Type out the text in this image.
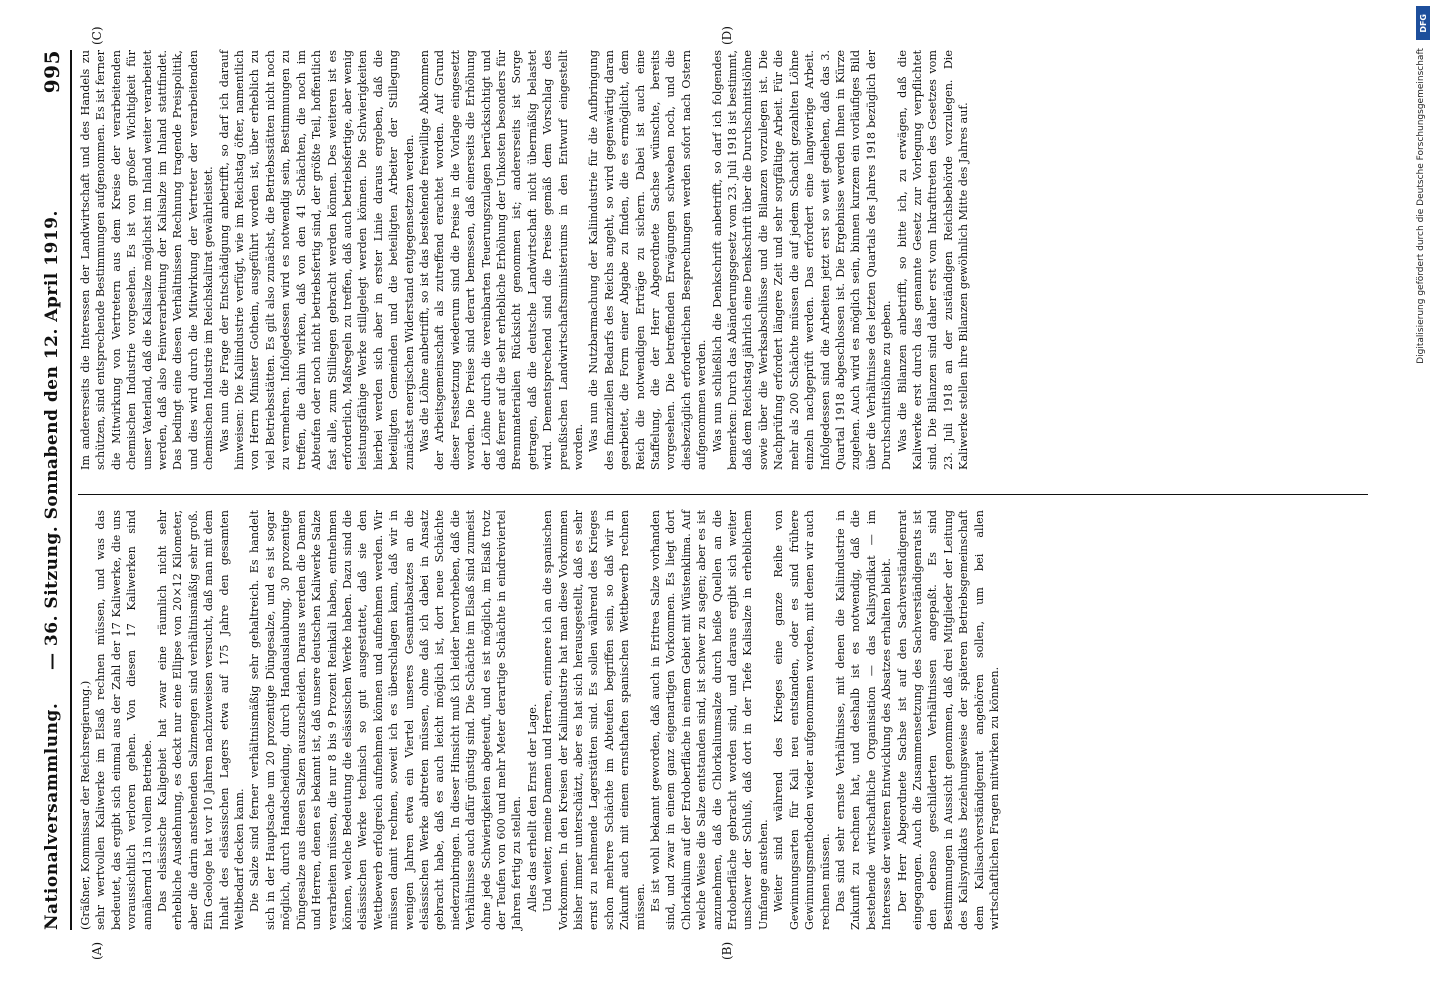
Nationalversammlung.
— 36. Sitzung. Sonnabend den 12. April 1919.
995

(Gräßner, Kommissar der Reichsregierung.) sehr wertvollen Kaliwerke im Elsaß rechnen müssen, und was das bedeutet, das ergibt sich einmal aus der Zahl der 17 Kaliwerke, die uns voraussichtlich verloren gehen. Von diesen 17 Kaliwerken sind annähernd 13 in vollem Betriebe. Das elsässische Kaligebiet hat zwar eine räumlich nicht sehr erhebliche Ausdehnung, es deckt nur eine Ellipse von 20×12 Kilometer, aber die darin anstehenden Salzmengen sind verhältnismäßig sehr groß. Ein Geologe hat vor 10 Jahren nachzuweisen versucht, daß man mit dem Inhalt des elsässischen Lagers etwa auf 175 Jahre den gesamten Weltbedarf decken kann. Die Salze sind ferner verhältnismäßig sehr gehaltreich. Es handelt sich in der Hauptsache um 20 prozentige Düngesalze, und es ist sogar möglich, durch Handscheidung, durch Handauslaubung, 30 prozentige Düngesalze aus diesen Salzen auszuscheiden. Daraus werden die Damen und Herren, denen es bekannt ist, daß unsere deutschen Kaliwerke Salze verarbeiten müssen, die nur 8 bis 9 Prozent Reinkali haben, entnehmen können, welche Bedeutung die elsässischen Werke haben. Dazu sind die elsässischen Werke technisch so gut ausgestattet, daß sie den Wettbewerb erfolgreich aufnehmen können und aufnehmen werden. Wir müssen damit rechnen, soweit ich es überschlagen kann, daß wir in wenigen Jahren etwa ein Viertel unseres Gesamtabsatzes an die elsässischen Werke abtreten müssen, ohne daß ich dabei in Ansatz gebracht habe, daß es auch leicht möglich ist, dort neue Schächte niederzubringen. In dieser Hinsicht muß ich leider hervorheben, daß die Verhältnisse auch dafür günstig sind. Die Schächte im Elsaß sind zumeist ohne jede Schwierigkeiten abgeteuft, und es ist möglich, im Elsaß trotz der Teufen von 600 und mehr Meter derartige Schächte in eindreiviertel Jahren fertig zu stellen. Alles das erhellt den Ernst der Lage. Und weiter, meine Damen und Herren, erinnere ich an die spanischen Vorkommen. In den Kreisen der Kaliindustrie hat man diese Vorkommen bisher immer unterschätzt, aber es hat sich herausgestellt, daß es sehr ernst zu nehmende Lagerstätten sind. Es sollen während des Krieges schon mehrere Schächte im Abteufen begriffen sein, so daß wir in Zukunft auch mit einem ernsthaften spanischen Wettbewerb rechnen müssen. Es ist wohl bekannt geworden, daß auch in Eritrea Salze vorhanden sind, und zwar in einem ganz eigenartigen Vorkommen. Es liegt dort Chlorkalium auf der Erdoberfläche in einem Gebiet mit Wüstenklima. Auf welche Weise die Salze entstanden sind, ist schwer zu sagen; aber es ist anzunehmen, daß die Chlorkaliumsalze durch heiße Quellen an die Erdoberfläche gebracht worden sind, und daraus ergibt sich weiter unschwer der Schluß, daß dort in der Tiefe Kalisalze in erheblichem Umfange anstehen. Weiter sind während des Krieges eine ganze Reihe von Gewinnungsarten für Kali neu entstanden, oder es sind frühere Gewinnungsmethoden wieder aufgenommen worden, mit denen wir auch rechnen müssen. Das sind sehr ernste Verhältnisse, mit denen die Kaliindustrie in Zukunft zu rechnen hat, und deshalb ist es notwendig, daß die bestehende wirtschaftliche Organisation — das Kalisyndikat — im Interesse der weiteren Entwicklung des Absatzes erhalten bleibt. Der Herr Abgeordnete Sachse ist auf den Sachverständigenrat eingegangen. Auch die Zusammensetzung des Sachverständigenrats ist den ebenso geschilderten Verhältnissen angepaßt. Es sind Bestimmungen in Aussicht genommen, daß drei Mitglieder der Leitung des Kalisyndikats beziehungsweise der späteren Betriebsgemeinschaft dem Kalisachverständigenrat angehören sollen, um bei allen wirtschaftlichen Fragen mitwirken zu können.

Im andererseits die Interessen der Landwirtschaft und des Handels zu schützen, sind entsprechende Bestimmungen aufgenommen. Es ist ferner die Mitwirkung von Vertretern aus dem Kreise der verarbeitenden chemischen Industrie vorgesehen. Es ist von großer Wichtigkeit für unser Vaterland, daß die Kalisalze möglichst im Inland weiter verarbeitet werden, daß also Feinverarbeitung der Kalisalze im Inland stattfindet. Das bedingt eine diesen Verhältnissen Rechnung tragende Preispolitik, und dies wird durch die Mitwirkung der Vertreter der verarbeitenden chemischen Industrie im Reichskalirat gewährleistet. Was nun die Frage der Entschädigung anbetrifft, so darf ich darauf hinweisen: Die Kaliindustrie verfügt, wie im Reichstag öfter, namentlich von Herrn Minister Gothein, ausgeführt worden ist, über erheblich zu viel Betriebsstätten. Es gilt also zunächst, die Betriebsstätten nicht noch zu vermehren. Infolgedessen wird es notwendig sein, Bestimmungen zu treffen, die dahin wirken, daß von den 41 Schächten, die noch im Abteufen oder noch nicht betriebsfertig sind, der größte Teil, hoffentlich fast alle, zum Stilliegen gebracht werden können. Des weiteren ist es erforderlich, Maßregeln zu treffen, daß auch betriebsfertige, aber wenig leistungsfähige Werke stillgelegt werden können. Die Schwierigkeiten hierbei werden sich aber in erster Linie daraus ergeben, daß die beteiligten Gemeinden und die beteiligten Arbeiter der Stillegung zunächst energischen Widerstand entgegensetzen werden. Was die Löhne anbetrifft, so ist das bestehende freiwillige Abkommen der Arbeitsgemeinschaft als zutreffend erachtet worden. Auf Grund dieser Festsetzung wiederum sind die Preise in die Vorlage eingesetzt worden. Die Preise sind derart bemessen, daß einerseits die Erhöhung der Löhne durch die vereinbarten Teuerungszulagen berücksichtigt und daß ferner auf die sehr erhebliche Erhöhung der Unkosten besonders für Brennmaterialien Rücksicht genommen ist; andererseits ist Sorge getragen, daß die deutsche Landwirtschaft nicht übermäßig belastet wird. Dementsprechend sind die Preise gemäß dem Vorschlag des preußischen Landwirtschaftsministeriums in den Entwurf eingestellt worden. Was nun die Nutzbarmachung der Kaliindustrie für die Aufbringung des finanziellen Bedarfs des Reichs angeht, so wird gegenwärtig daran gearbeitet, die Form einer Abgabe zu finden, die es ermöglicht, dem Reich die notwendigen Erträge zu sichern. Dabei ist auch eine Staffelung, die der Herr Abgeordnete Sachse wünschte, bereits vorgesehen. Die betreffenden Erwägungen schweben noch, und die diesbezüglich erforderlichen Besprechungen werden sofort nach Ostern aufgenommen werden. Was nun schließlich die Denkschrift anbetrifft, so darf ich folgendes bemerken: Durch das Abänderungsgesetz vom 23. Juli 1918 ist bestimmt, daß dem Reichstag jährlich eine Denkschrift über die Durchschnittslöhne sowie über die Werksabschlüsse und die Bilanzen vorzulegen ist. Die Nachprüfung erfordert längere Zeit und sehr sorgfältige Arbeit. Für die mehr als 200 Schächte müssen die auf jedem Schacht gezahlten Löhne einzeln nachgeprüft werden. Das erfordert eine langwierige Arbeit. Infolgedessen sind die Arbeiten jetzt erst so weit gediehen, daß das 3. Quartal 1918 abgeschlossen ist. Die Ergebnisse werden Ihnen in Kürze zugehen. Auch wird es möglich sein, binnen kurzem ein vorläufiges Bild über die Verhältnisse des letzten Quartals des Jahres 1918 bezüglich der Durchschnittslöhne zu geben. Was die Bilanzen anbetrifft, so bitte ich, zu erwägen, daß die Kaliwerke erst durch das genannte Gesetz zur Vorlegung verpflichtet sind. Die Bilanzen sind daher erst vom Inkrafttreten des Gesetzes vom 23. Juli 1918 an der zuständigen Reichsbehörde vorzulegen. Die Kaliwerke stellen ihre Bilanzen gewöhnlich Mitte des Jahres auf.

(A)	(B)
(C)	(D)
DFG
Digitalisierung gefördert durch die Deutsche Forschungsgemeinschaft
